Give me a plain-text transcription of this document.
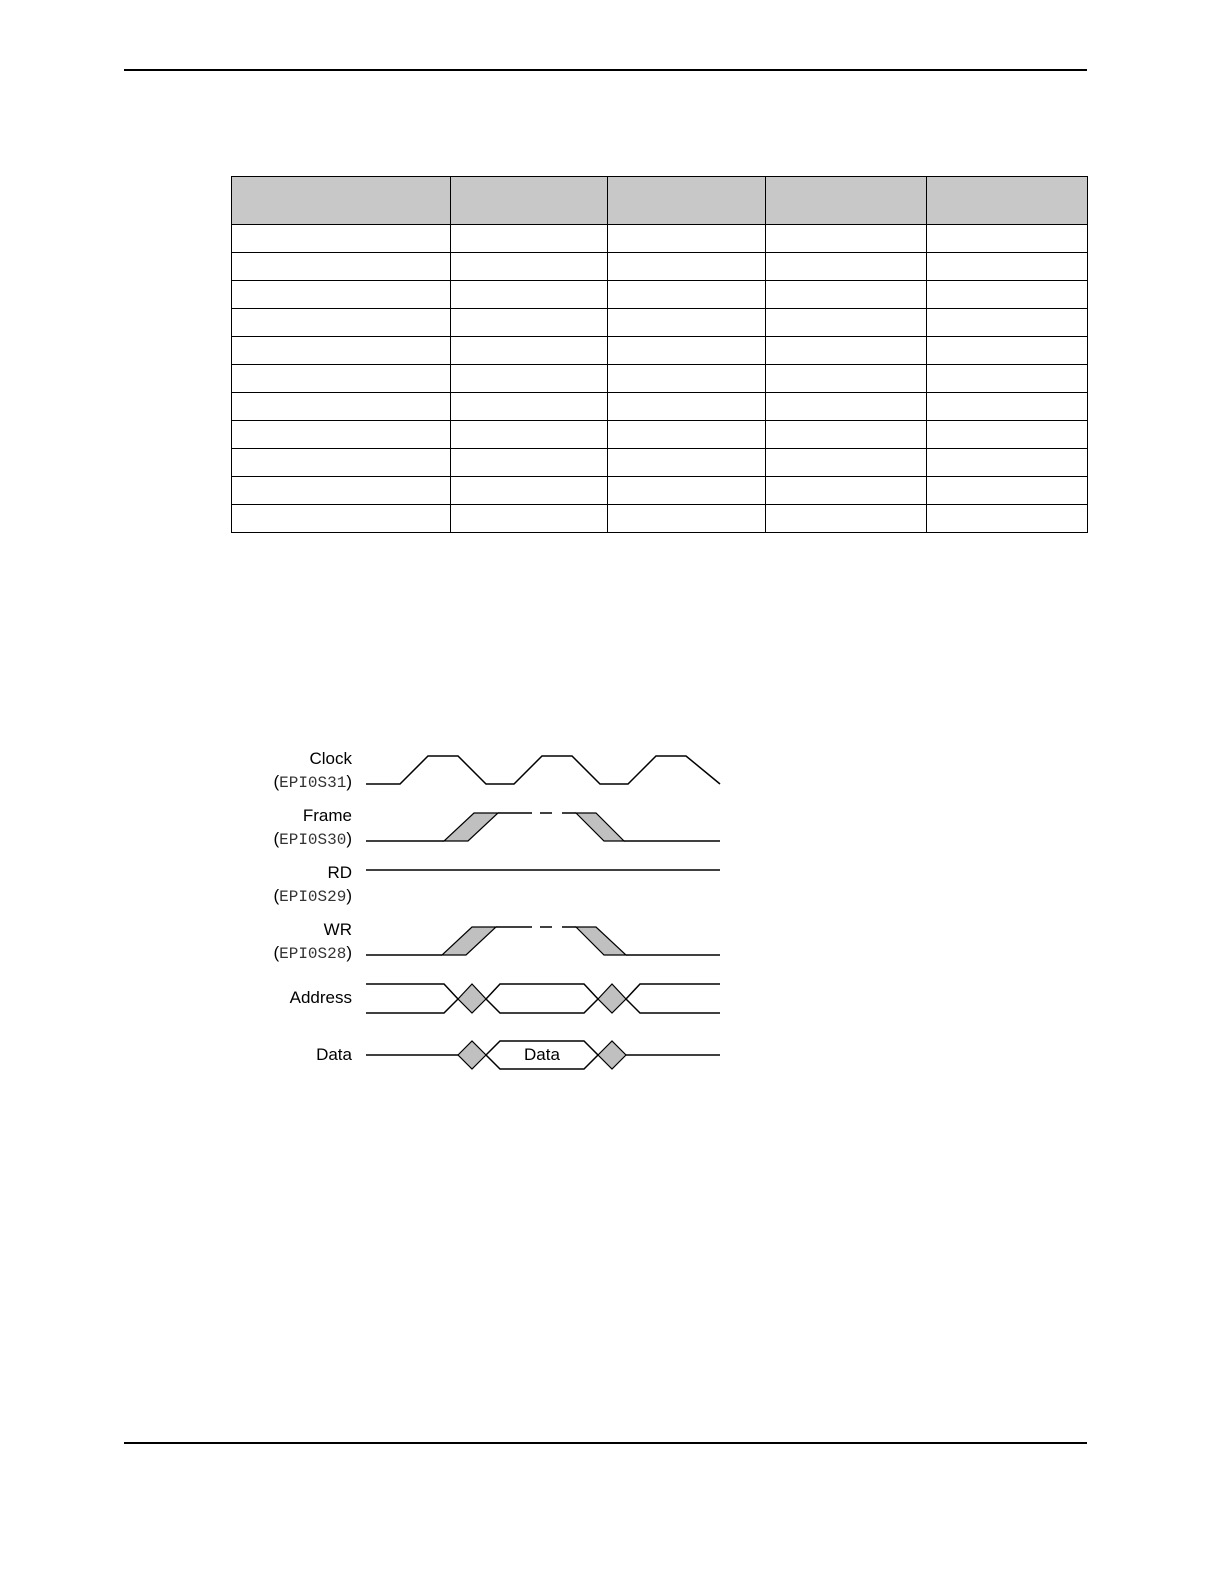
Clock
(EPI0S31)
Frame
(EPI0S30)
RD
(EPI0S29)
WR
(EPI0S28)
Address
Data	Data
